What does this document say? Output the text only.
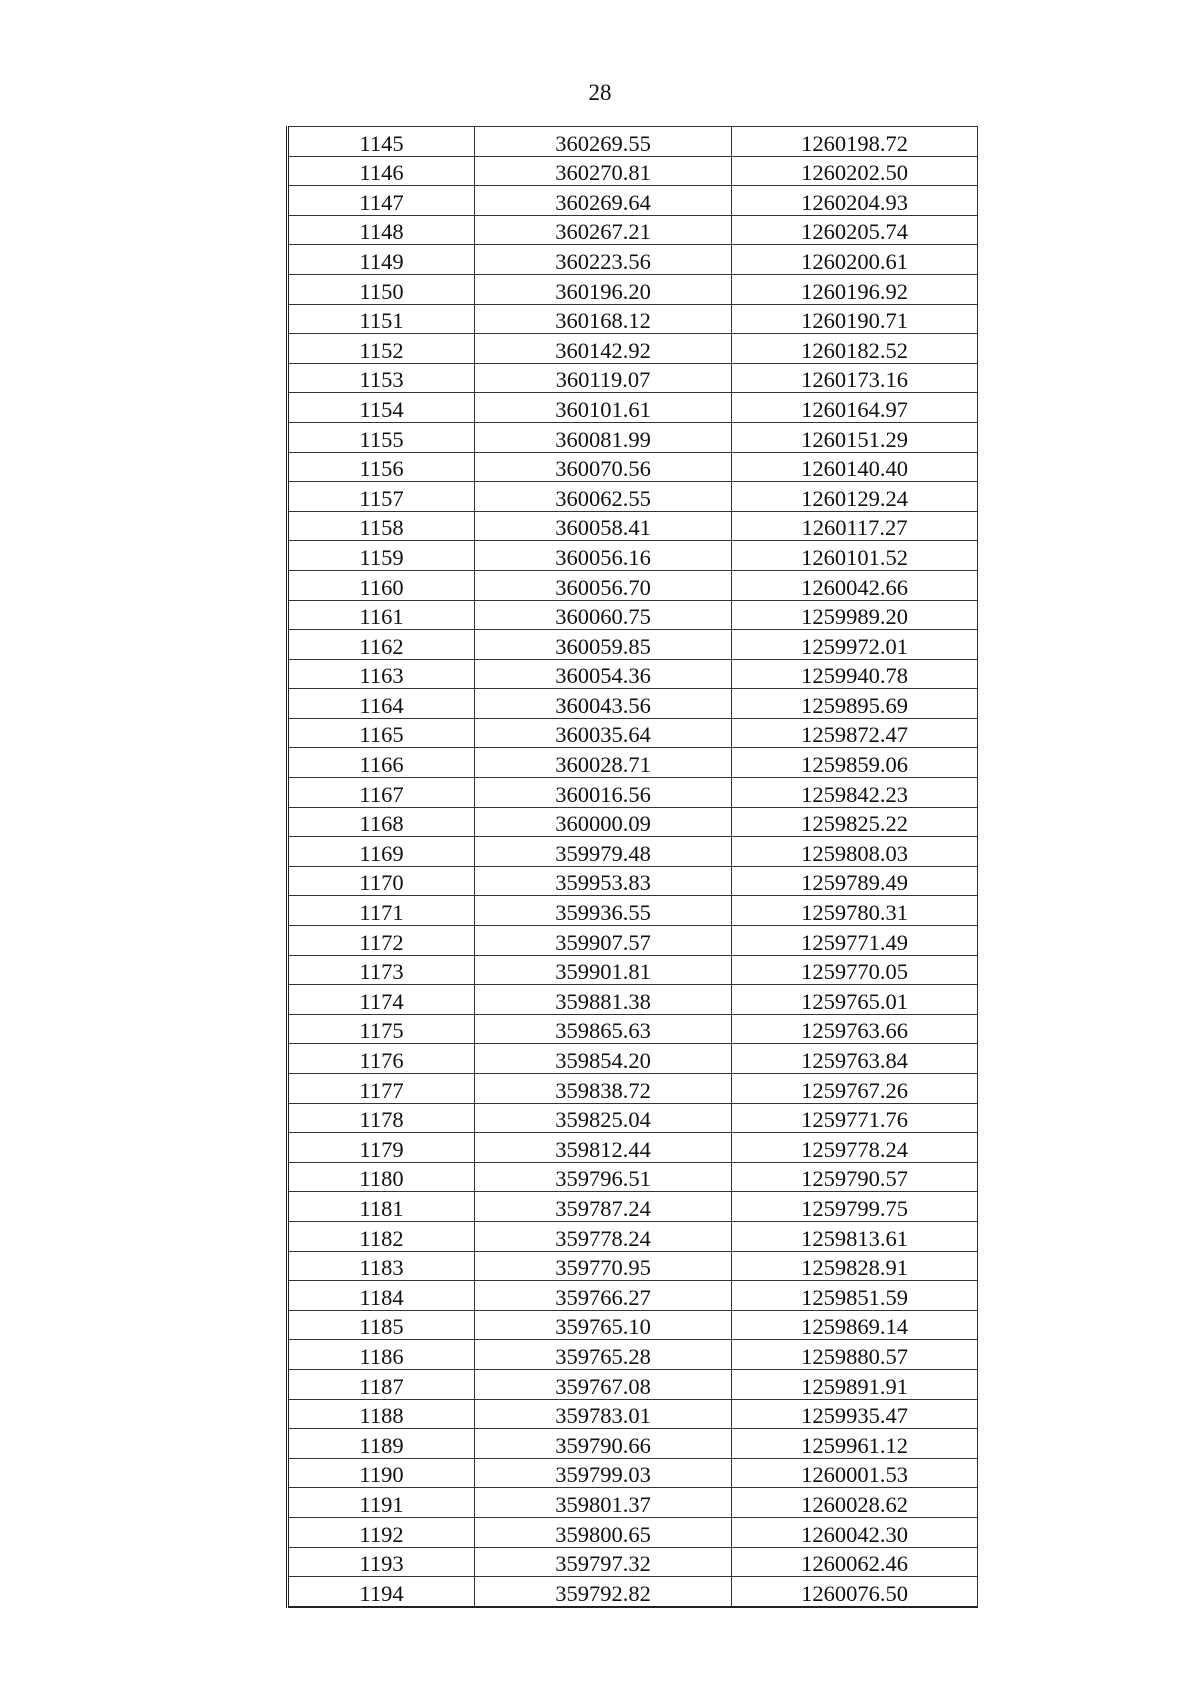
28
1145	360269.55	1260198.72
1146	360270.81	1260202.50
1147	360269.64	1260204.93
1148	360267.21	1260205.74
1149	360223.56	1260200.61
1150	360196.20	1260196.92
1151	360168.12	1260190.71
1152	360142.92	1260182.52
1153	360119.07	1260173.16
1154	360101.61	1260164.97
1155	360081.99	1260151.29
1156	360070.56	1260140.40
1157	360062.55	1260129.24
1158	360058.41	1260117.27
1159	360056.16	1260101.52
1160	360056.70	1260042.66
1161	360060.75	1259989.20
1162	360059.85	1259972.01
1163	360054.36	1259940.78
1164	360043.56	1259895.69
1165	360035.64	1259872.47
1166	360028.71	1259859.06
1167	360016.56	1259842.23
1168	360000.09	1259825.22
1169	359979.48	1259808.03
1170	359953.83	1259789.49
1171	359936.55	1259780.31
1172	359907.57	1259771.49
1173	359901.81	1259770.05
1174	359881.38	1259765.01
1175	359865.63	1259763.66
1176	359854.20	1259763.84
1177	359838.72	1259767.26
1178	359825.04	1259771.76
1179	359812.44	1259778.24
1180	359796.51	1259790.57
1181	359787.24	1259799.75
1182	359778.24	1259813.61
1183	359770.95	1259828.91
1184	359766.27	1259851.59
1185	359765.10	1259869.14
1186	359765.28	1259880.57
1187	359767.08	1259891.91
1188	359783.01	1259935.47
1189	359790.66	1259961.12
1190	359799.03	1260001.53
1191	359801.37	1260028.62
1192	359800.65	1260042.30
1193	359797.32	1260062.46
1194	359792.82	1260076.50
